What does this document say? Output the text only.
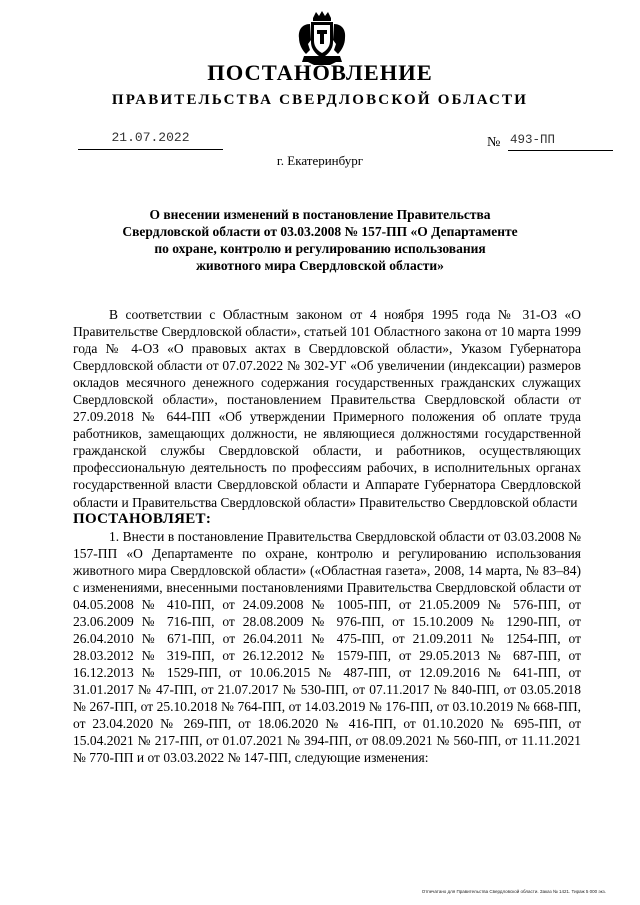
ПОСТАНОВЛЕНИЕ
ПРАВИТЕЛЬСТВА СВЕРДЛОВСКОЙ ОБЛАСТИ
21.07.2022	№ 493-ПП
г. Екатеринбург
О внесении изменений в постановление Правительства
Свердловской области от 03.03.2008 № 157-ПП «О Департаменте
по охране, контролю и регулированию использования
животного мира Свердловской области»

В соответствии с Областным законом от 4 ноября 1995 года № 31-ОЗ «О Правительстве Свердловской области», статьей 101 Областного закона от 10 марта 1999 года № 4-ОЗ «О правовых актах в Свердловской области», Указом Губернатора Свердловской области от 07.07.2022 № 302-УГ «Об увеличении (индексации) размеров окладов месячного денежного содержания государственных гражданских служащих Свердловской области», постановлением Правительства Свердловской области от 27.09.2018 № 644-ПП «Об утверждении Примерного положения об оплате труда работников, замещающих должности, не являющиеся должностями государственной гражданской службы Свердловской области, и работников, осуществляющих профессиональную деятельность по профессиям рабочих, в исполнительных органах государственной власти Свердловской области и Аппарате Губернатора Свердловской области и Правительства Свердловской области» Правительство Свердловской области

ПОСТАНОВЛЯЕТ:

1. Внести в постановление Правительства Свердловской области от 03.03.2008 № 157-ПП «О Департаменте по охране, контролю и регулированию использования животного мира Свердловской области» («Областная газета», 2008, 14 марта, № 83–84) с изменениями, внесенными постановлениями Правительства Свердловской области от 04.05.2008 № 410-ПП, от 24.09.2008 № 1005-ПП, от 21.05.2009 № 576-ПП, от 23.06.2009 № 716-ПП, от 28.08.2009 № 976-ПП, от 15.10.2009 № 1290-ПП, от 26.04.2010 № 671-ПП, от 26.04.2011 № 475-ПП, от 21.09.2011 № 1254-ПП, от 28.03.2012 № 319-ПП, от 26.12.2012 № 1579-ПП, от 29.05.2013 № 687-ПП, от 16.12.2013 № 1529-ПП, от 10.06.2015 № 487-ПП, от 12.09.2016 № 641-ПП, от 31.01.2017 № 47-ПП, от 21.07.2017 № 530-ПП, от 07.11.2017 № 840-ПП, от 03.05.2018 № 267-ПП, от 25.10.2018 № 764-ПП, от 14.03.2019 № 176-ПП, от 03.10.2019 № 668-ПП, от 23.04.2020 № 269-ПП, от 18.06.2020 № 416-ПП, от 01.10.2020 № 695-ПП, от 15.04.2021 № 217-ПП, от 01.07.2021 № 394-ПП, от 08.09.2021 № 560-ПП, от 11.11.2021 № 770-ПП и от 03.03.2022 № 147-ПП, следующие изменения:

Отпечатано для Правительства Свердловской области. Заказ № 1421. Тираж 5 000 экз.
